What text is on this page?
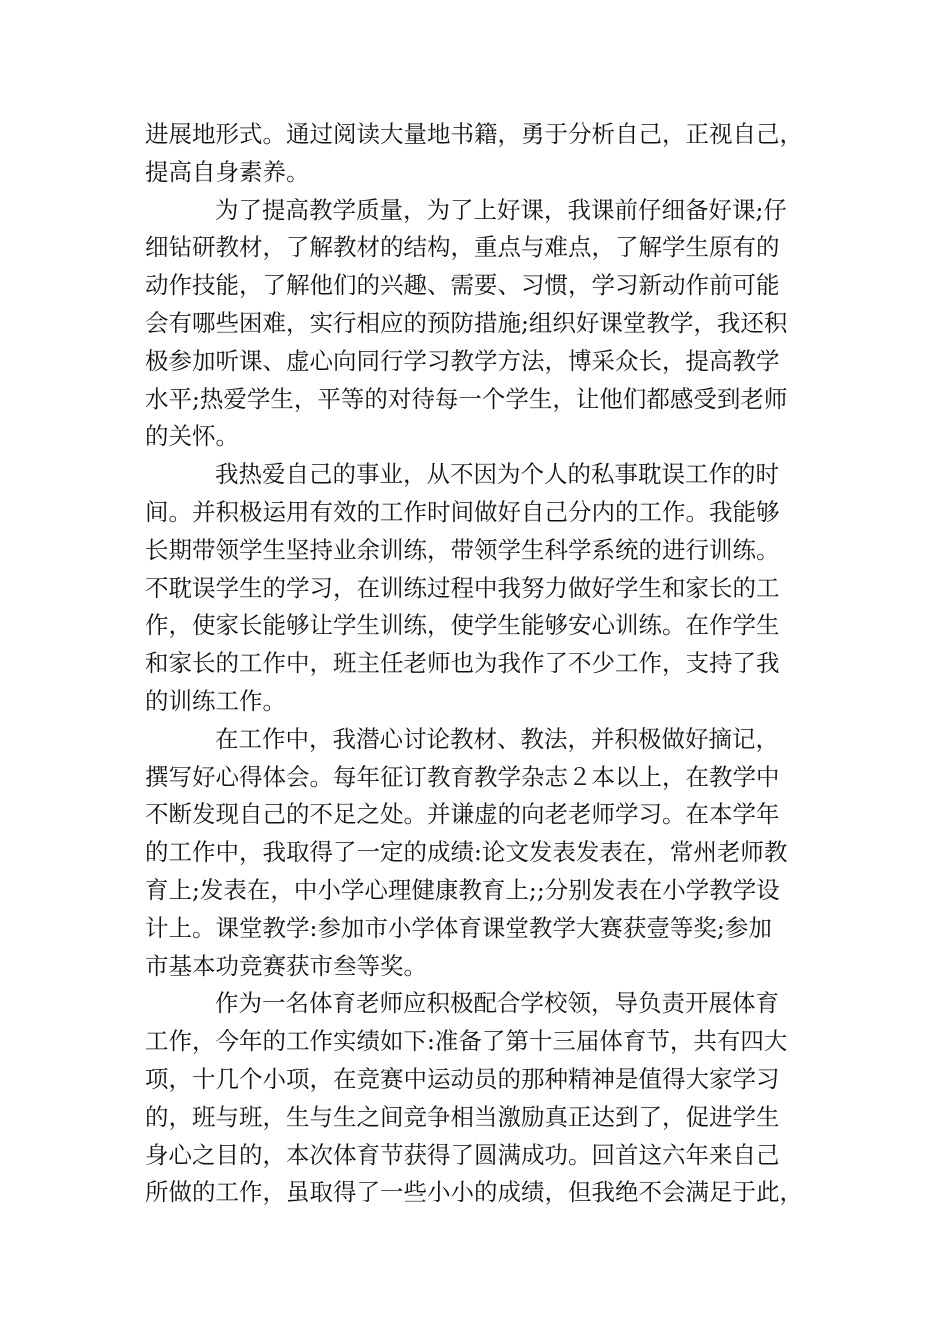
进展地形式。通过阅读大量地书籍，勇于分析自己，正视自己，
提高自身素养。
为了提高教学质量，为了上好课，我课前仔细备好课;仔
细钻研教材，了解教材的结构，重点与难点，了解学生原有的
动作技能，了解他们的兴趣、需要、习惯，学习新动作前可能
会有哪些困难，实行相应的预防措施;组织好课堂教学，我还积
极参加听课、虚心向同行学习教学方法，博采众长，提高教学
水平;热爱学生，平等的对待每一个学生，让他们都感受到老师
的关怀。
我热爱自己的事业，从不因为个人的私事耽误工作的时
间。并积极运用有效的工作时间做好自己分内的工作。我能够
长期带领学生坚持业余训练，带领学生科学系统的进行训练。
不耽误学生的学习，在训练过程中我努力做好学生和家长的工
作，使家长能够让学生训练，使学生能够安心训练。在作学生
和家长的工作中，班主任老师也为我作了不少工作，支持了我
的训练工作。
在工作中，我潜心讨论教材、教法，并积极做好摘记，
撰写好心得体会。每年征订教育教学杂志２本以上，在教学中
不断发现自己的不足之处。并谦虚的向老老师学习。在本学年
的工作中，我取得了一定的成绩:论文发表发表在，常州老师教
育上;发表在，中小学心理健康教育上;;分别发表在小学教学设
计上。课堂教学:参加市小学体育课堂教学大赛获壹等奖;参加
市基本功竞赛获市叁等奖。
作为一名体育老师应积极配合学校领，导负责开展体育
工作，今年的工作实绩如下:准备了第十三届体育节，共有四大
项，十几个小项，在竞赛中运动员的那种精神是值得大家学习
的，班与班，生与生之间竞争相当激励真正达到了，促进学生
身心之目的，本次体育节获得了圆满成功。回首这六年来自己
所做的工作，虽取得了一些小小的成绩，但我绝不会满足于此，
